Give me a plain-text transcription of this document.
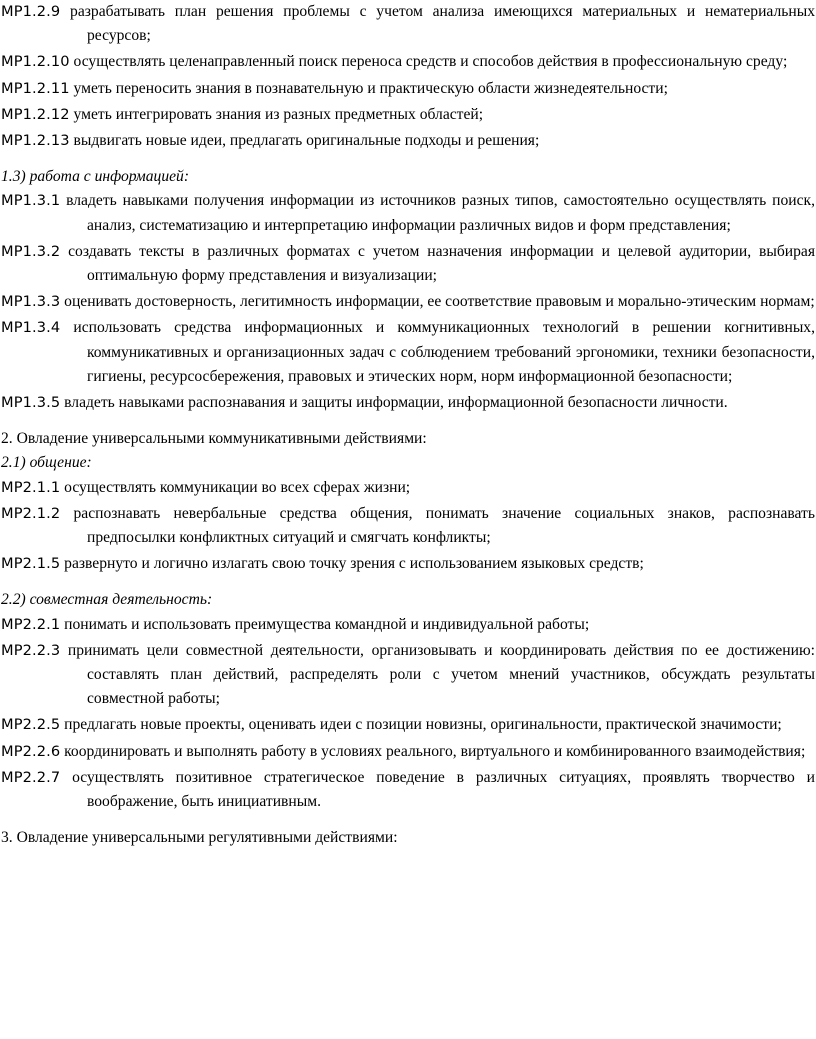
МР1.2.9 разрабатывать план решения проблемы с учетом анализа имеющихся материальных и нематериальных ресурсов;
МР1.2.10 осуществлять целенаправленный поиск переноса средств и способов действия в профессиональную среду;
МР1.2.11 уметь переносить знания в познавательную и практическую области жизнедеятельности;
МР1.2.12 уметь интегрировать знания из разных предметных областей;
МР1.2.13 выдвигать новые идеи, предлагать оригинальные подходы и решения;

1.3) работа с информацией:

МР1.3.1 владеть навыками получения информации из источников разных типов, самостоятельно осуществлять поиск, анализ, систематизацию и интерпретацию информации различных видов и форм представления;
МР1.3.2 создавать тексты в различных форматах с учетом назначения информации и целевой аудитории, выбирая оптимальную форму представления и визуализации;
МР1.3.3 оценивать достоверность, легитимность информации, ее соответствие правовым и морально-этическим нормам;
МР1.3.4 использовать средства информационных и коммуникационных технологий в решении когнитивных, коммуникативных и организационных задач с соблюдением требований эргономики, техники безопасности, гигиены, ресурсосбережения, правовых и этических норм, норм информационной безопасности;
МР1.3.5 владеть навыками распознавания и защиты информации, информационной безопасности личности.

2. Овладение универсальными коммуникативными действиями:

2.1) общение:

МР2.1.1 осуществлять коммуникации во всех сферах жизни;
МР2.1.2 распознавать невербальные средства общения, понимать значение социальных знаков, распознавать предпосылки конфликтных ситуаций и смягчать конфликты;
МР2.1.5 развернуто и логично излагать свою точку зрения с использованием языковых средств;

2.2) совместная деятельность:

МР2.2.1 понимать и использовать преимущества командной и индивидуальной работы;
МР2.2.3 принимать цели совместной деятельности, организовывать и координировать действия по ее достижению: составлять план действий, распределять роли с учетом мнений участников, обсуждать результаты совместной работы;
МР2.2.5 предлагать новые проекты, оценивать идеи с позиции новизны, оригинальности, практической значимости;
МР2.2.6 координировать и выполнять работу в условиях реального, виртуального и комбинированного взаимодействия;
МР2.2.7 осуществлять позитивное стратегическое поведение в различных ситуациях, проявлять творчество и воображение, быть инициативным.

3. Овладение универсальными регулятивными действиями:
